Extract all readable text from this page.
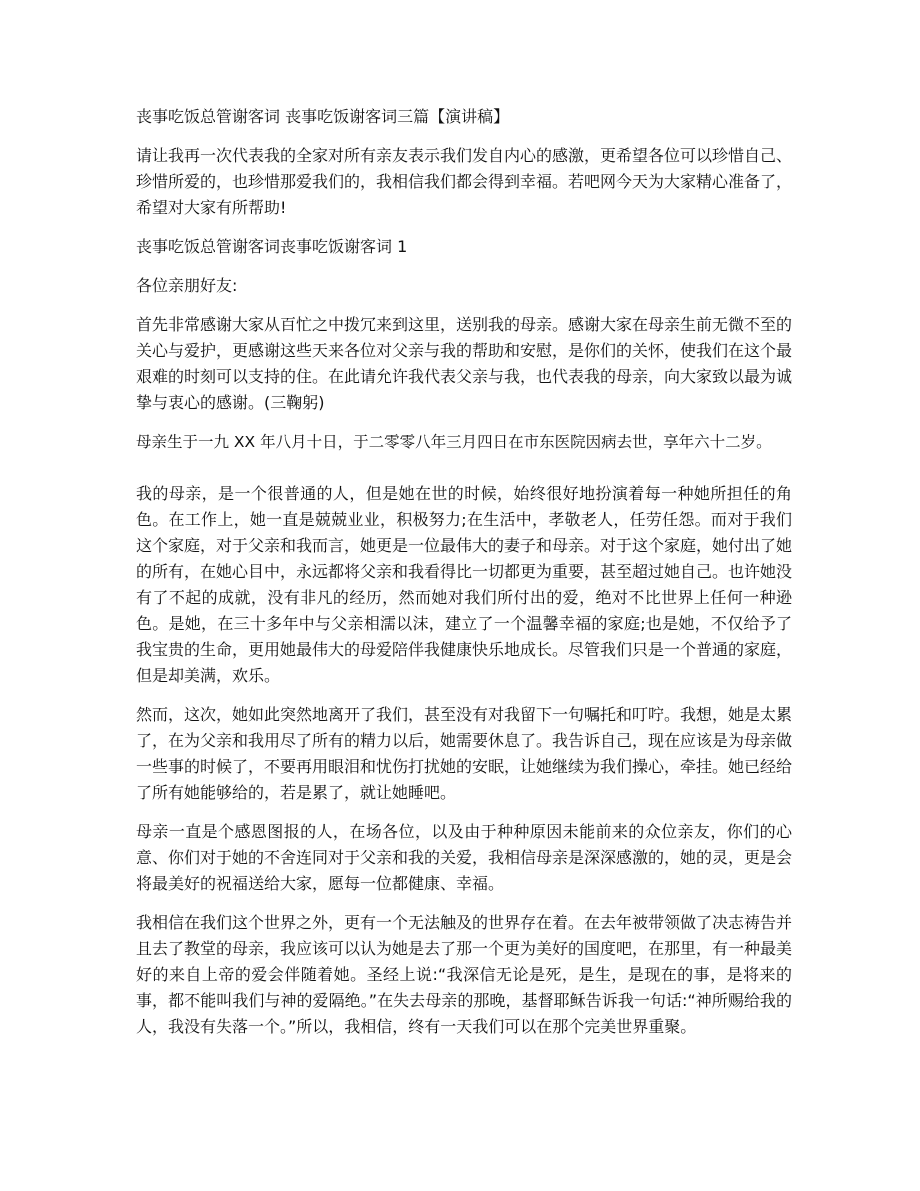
丧事吃饭总管谢客词 丧事吃饭谢客词三篇【演讲稿】

请让我再一次代表我的全家对所有亲友表示我们发自内心的感激，更希望各位可以珍惜自己、珍惜所爱的，也珍惜那爱我们的，我相信我们都会得到幸福。若吧网今天为大家精心准备了，希望对大家有所帮助!

丧事吃饭总管谢客词丧事吃饭谢客词 1

各位亲朋好友:

首先非常感谢大家从百忙之中拨冗来到这里，送别我的母亲。感谢大家在母亲生前无微不至的关心与爱护，更感谢这些天来各位对父亲与我的帮助和安慰，是你们的关怀，使我们在这个最艰难的时刻可以支持的住。在此请允许我代表父亲与我，也代表我的母亲，向大家致以最为诚挚与衷心的感谢。(三鞠躬)

母亲生于一九 XX 年八月十日，于二零零八年三月四日在市东医院因病去世，享年六十二岁。

我的母亲，是一个很普通的人，但是她在世的时候，始终很好地扮演着每一种她所担任的角色。在工作上，她一直是兢兢业业，积极努力;在生活中，孝敬老人，任劳任怨。而对于我们这个家庭，对于父亲和我而言，她更是一位最伟大的妻子和母亲。对于这个家庭，她付出了她的所有，在她心目中，永远都将父亲和我看得比一切都更为重要，甚至超过她自己。也许她没有了不起的成就，没有非凡的经历，然而她对我们所付出的爱，绝对不比世界上任何一种逊色。是她，在三十多年中与父亲相濡以沫，建立了一个温馨幸福的家庭;也是她，不仅给予了我宝贵的生命，更用她最伟大的母爱陪伴我健康快乐地成长。尽管我们只是一个普通的家庭，但是却美满，欢乐。

然而，这次，她如此突然地离开了我们，甚至没有对我留下一句嘱托和叮咛。我想，她是太累了，在为父亲和我用尽了所有的精力以后，她需要休息了。我告诉自己，现在应该是为母亲做一些事的时候了，不要再用眼泪和忧伤打扰她的安眠，让她继续为我们操心，牵挂。她已经给了所有她能够给的，若是累了，就让她睡吧。

母亲一直是个感恩图报的人，在场各位，以及由于种种原因未能前来的众位亲友，你们的心意、你们对于她的不舍连同对于父亲和我的关爱，我相信母亲是深深感激的，她的灵，更是会将最美好的祝福送给大家，愿每一位都健康、幸福。

我相信在我们这个世界之外，更有一个无法触及的世界存在着。在去年被带领做了决志祷告并且去了教堂的母亲，我应该可以认为她是去了那一个更为美好的国度吧，在那里，有一种最美好的来自上帝的爱会伴随着她。圣经上说:“我深信无论是死，是生，是现在的事，是将来的事，都不能叫我们与神的爱隔绝。”在失去母亲的那晚，基督耶稣告诉我一句话:“神所赐给我的人，我没有失落一个。”所以，我相信，终有一天我们可以在那个完美世界重聚。
